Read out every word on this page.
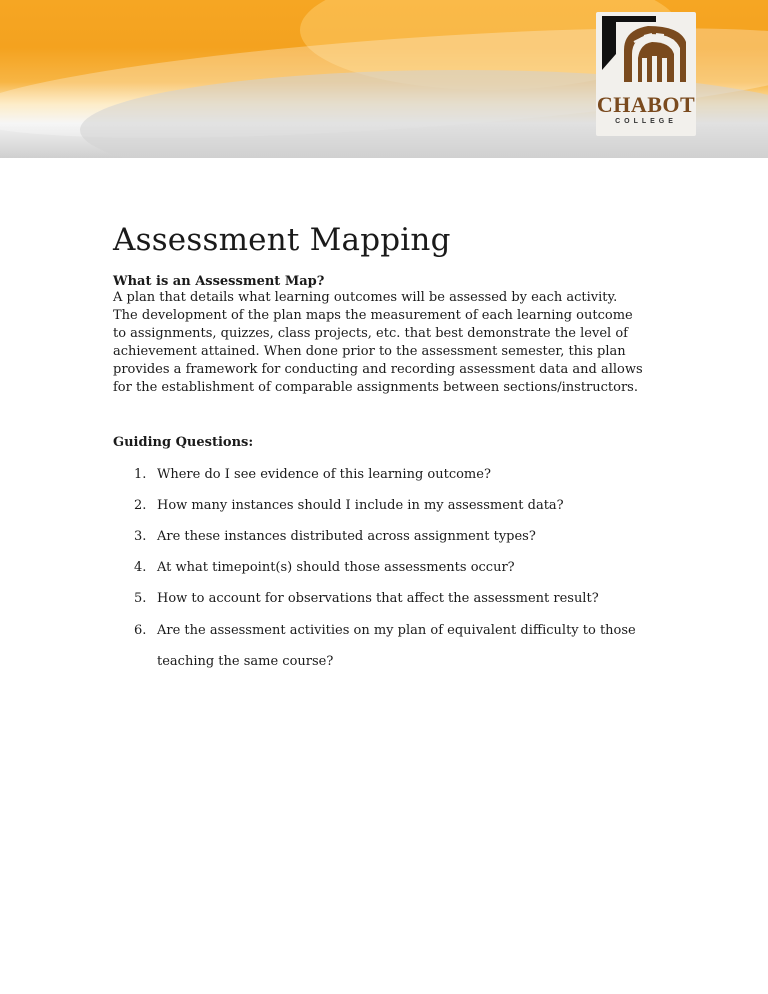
CHABOT
COLLEGE
Assessment Mapping
What is an Assessment Map?

A plan that details what learning outcomes will be assessed by each activity.

The development of the plan maps the measurement of each learning outcome to assignments, quizzes, class projects, etc. that best demonstrate the level of achievement attained. When done prior to the assessment semester, this plan provides a framework for conducting and recording assessment data and allows for the establishment of comparable assignments between sections/instructors.

Guiding Questions:
1. Where do I see evidence of this learning outcome?
2. How many instances should I include in my assessment data?
3. Are these instances distributed across assignment types?
4. At what timepoint(s) should those assessments occur?
5. How to account for observations that affect the assessment result?
6. Are the assessment activities on my plan of equivalent difficulty to those teaching the same course?
